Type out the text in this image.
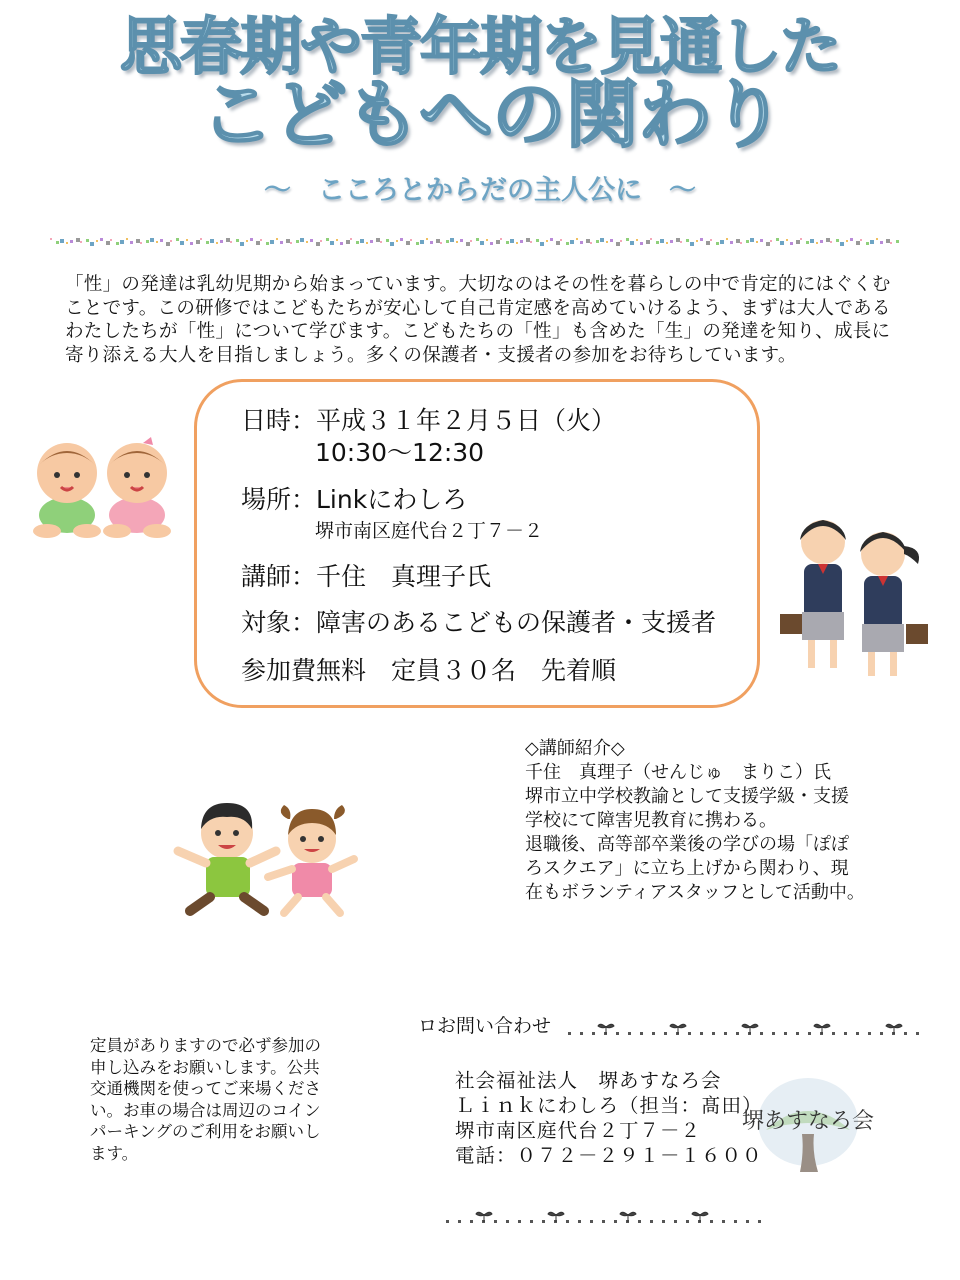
思春期や青年期を見通した
こどもへの関わり
～　こころとからだの主人公に　～
「性」の発達は乳幼児期から始まっています。大切なのはその性を暮らしの中で肯定的にはぐくむことです。この研修ではこどもたちが安心して自己肯定感を高めていけるよう、まずは大人であるわたしたちが「性」について学びます。こどもたちの「性」も含めた「生」の発達を知り、成長に寄り添える大人を目指しましょう。多くの保護者・支援者の参加をお待ちしています。
日時：平成３１年２月５日（火）
10:30～12:30
場所：Linkにわしろ
堺市南区庭代台２丁７－２
講師：千住　真理子氏
対象：障害のあるこどもの保護者・支援者
参加費無料　定員３０名　先着順

◇講師紹介◇

千住　真理子（せんじゅ　まりこ）氏

堺市立中学校教諭として支援学級・支援学校にて障害児教育に携わる。

退職後、高等部卒業後の学びの場「ぽぽろスクエア」に立ち上げから関わり、現在もボランティアスタッフとして活動中。

定員がありますので必ず参加の申し込みをお願いします。公共交通機関を使ってご来場ください。お車の場合は周辺のコインパーキングのご利用をお願いします。
ロお問い合わせ
社会福祉法人　堺あすなろ会
Ｌｉｎｋにわしろ（担当：髙田）
堺市南区庭代台２丁７－２
電話：０７２－２９１－１６００
堺あすなろ会
